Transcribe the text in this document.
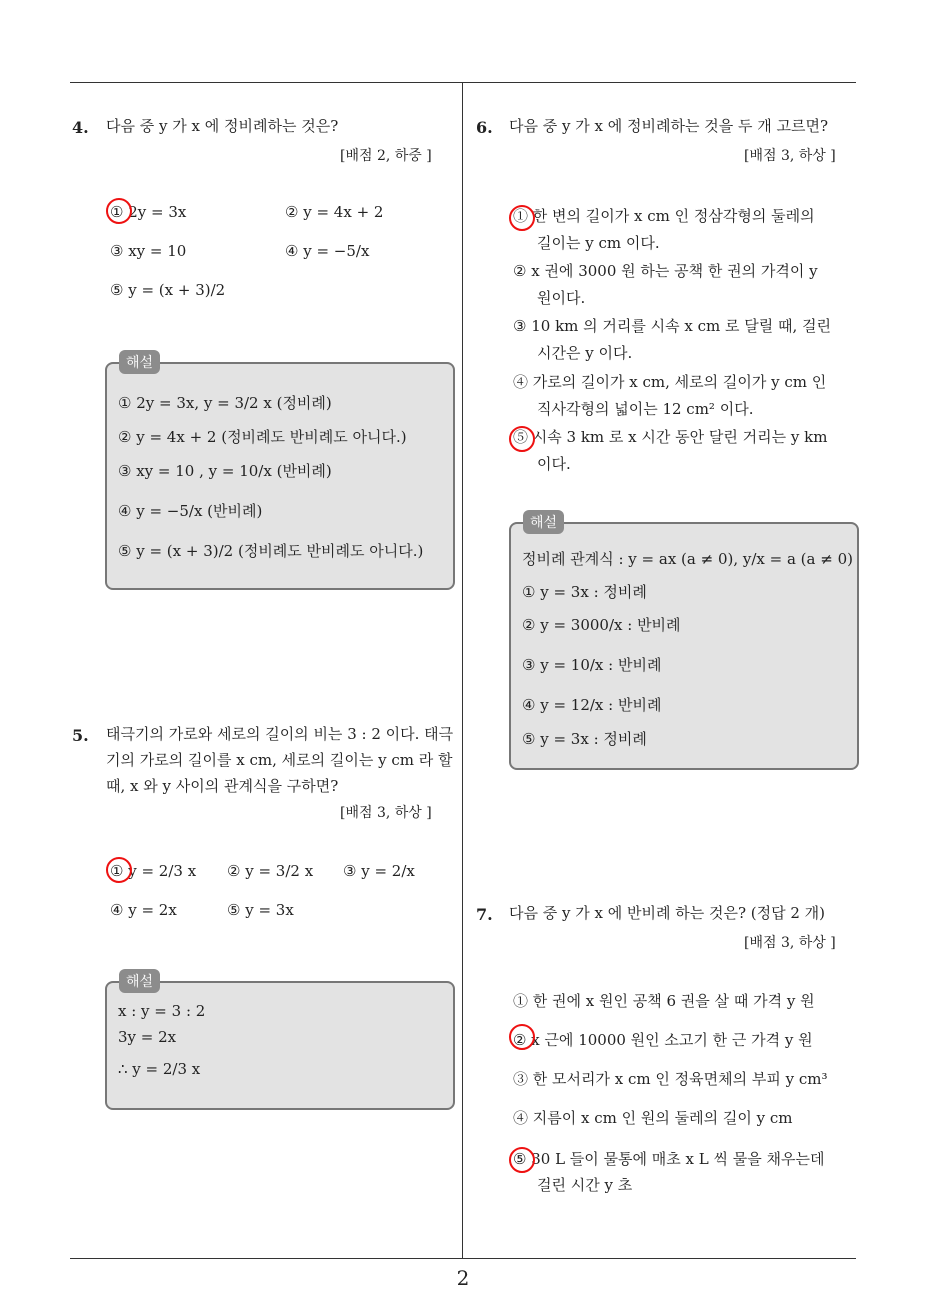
4. 다음 중 y 가 x 에 정비례하는 것은?
[배점 2, 하중 ]
① 2y = 3x	② y = 4x + 2
③ xy = 10	④ y = −5/x
⑤ y = (x + 3)/2
해설
① 2y = 3x, y = 3/2 x (정비례)
② y = 4x + 2 (정비례도 반비례도 아니다.)
③ xy = 10 , y = 10/x (반비례)
④ y = −5/x (반비례)
⑤ y = (x + 3)/2 (정비례도 반비례도 아니다.)
5. 태극기의 가로와 세로의 길이의 비는 3 : 2 이다. 태극
기의 가로의 길이를 x cm, 세로의 길이는 y cm 라 할
때, x 와 y 사이의 관계식을 구하면?
[배점 3, 하상 ]
① y = 2/3 x ② y = 3/2 x ③ y = 2/x
④ y = 2x	⑤ y = 3x
해설
x : y = 3 : 2
3y = 2x
∴ y = 2/3 x
6. 다음 중 y 가 x 에 정비례하는 것을 두 개 고르면?
[배점 3, 하상 ]
① 한 변의 길이가 x cm 인 정삼각형의 둘레의
길이는 y cm 이다.
② x 권에 3000 원 하는 공책 한 권의 가격이 y
원이다.
③ 10 km 의 거리를 시속 x cm 로 달릴 때, 걸린
시간은 y 이다.
④ 가로의 길이가 x cm, 세로의 길이가 y cm 인
직사각형의 넓이는 12 cm² 이다.
⑤ 시속 3 km 로 x 시간 동안 달린 거리는 y km
이다.
해설
정비례 관계식 : y = ax (a ≠ 0), y/x = a (a ≠ 0)
① y = 3x : 정비례
② y = 3000/x : 반비례
③ y = 10/x : 반비례
④ y = 12/x : 반비례
⑤ y = 3x : 정비례
7. 다음 중 y 가 x 에 반비례 하는 것은? (정답 2 개)
[배점 3, 하상 ]
① 한 권에 x 원인 공책 6 권을 살 때 가격 y 원
② x 근에 10000 원인 소고기 한 근 가격 y 원
③ 한 모서리가 x cm 인 정육면체의 부피 y cm³
④ 지름이 x cm 인 원의 둘레의 길이 y cm
⑤ 30 L 들이 물통에 매초 x L 씩 물을 채우는데
걸린 시간 y 초
2
